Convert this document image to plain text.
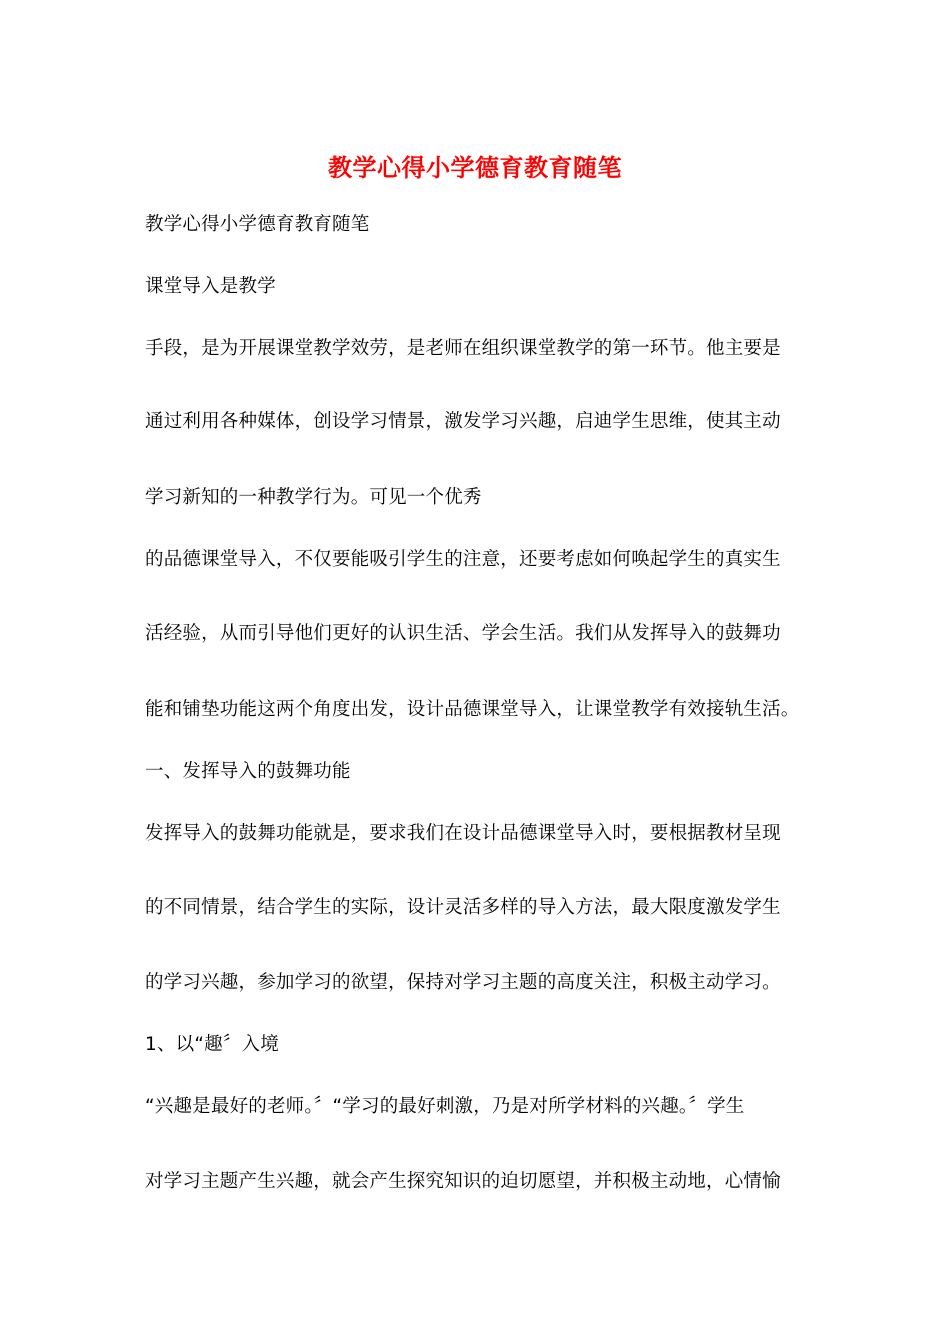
教学心得小学德育教育随笔
教学心得小学德育教育随笔
课堂导入是教学
手段，是为开展课堂教学效劳，是老师在组织课堂教学的第一环节。他主要是
通过利用各种媒体，创设学习情景，激发学习兴趣，启迪学生思维，使其主动
学习新知的一种教学行为。可见一个优秀
的品德课堂导入，不仅要能吸引学生的注意，还要考虑如何唤起学生的真实生
活经验，从而引导他们更好的认识生活、学会生活。我们从发挥导入的鼓舞功
能和铺垫功能这两个角度出发，设计品德课堂导入，让课堂教学有效接轨生活。
一、发挥导入的鼓舞功能
发挥导入的鼓舞功能就是，要求我们在设计品德课堂导入时，要根据教材呈现
的不同情景，结合学生的实际，设计灵活多样的导入方法，最大限度激发学生
的学习兴趣，参加学习的欲望，保持对学习主题的高度关注，积极主动学习。
1、以“趣〞入境
“兴趣是最好的老师。〞“学习的最好刺激，乃是对所学材料的兴趣。〞学生
对学习主题产生兴趣，就会产生探究知识的迫切愿望，并积极主动地，心情愉
